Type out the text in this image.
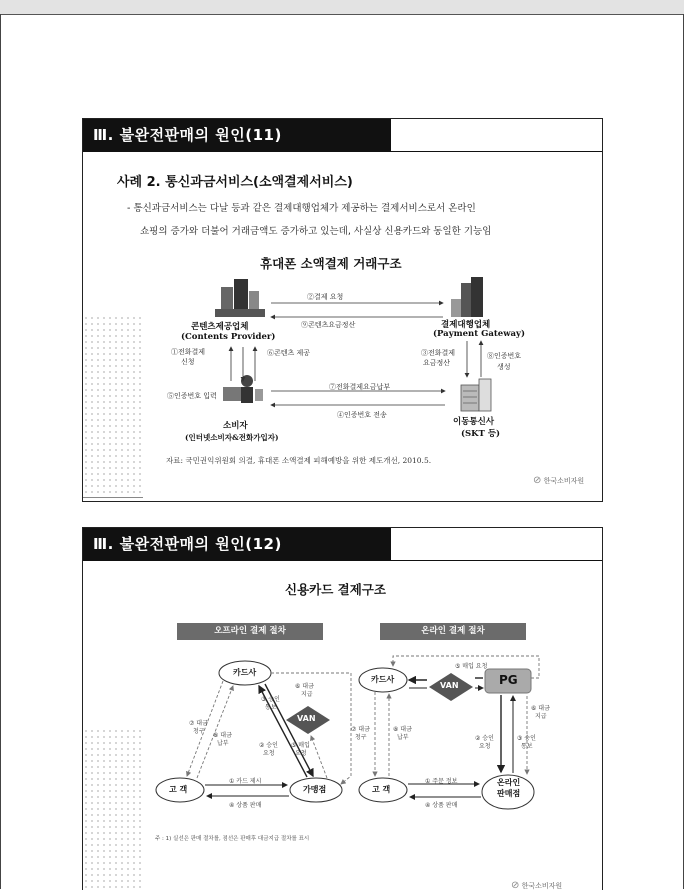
Ⅲ. 불완전판매의 원인(11)
사례 2. 통신과금서비스(소액결제서비스)
- 통신과금서비스는 다날 등과 같은 결제대행업체가 제공하는 결제서비스로서 온라인
쇼핑의 증가와 더불어 거래금액도 증가하고 있는데, 사실상 신용카드와 동일한 기능임
휴대폰 소액결제 거래구조
콘텐츠제공업체
(Contents Provider)
결제대행업체
(Payment Gateway)
소비자
(인터넷소비자&전화가입자)
이동통신사
(SKT 등)
②결제 요청
⑨콘텐츠요금정산
①전화결제
신청
⑥콘텐츠 제공	③전화결제
요금정산
⑧인증번호
생성
⑦전화결제요금납부
⑤인증번호 입력
④인증번호 전송
자료: 국민권익위원회 의결, 휴대폰 소액결제 피해예방을 위한 제도개선, 2010.5.
⊘ 한국소비자원
Ⅲ. 불완전판매의 원인(12)
신용카드 결제구조
오프라인 결제 절차	온라인 결제 절차
카드사
고 객	가맹점
VAN
① 카드 제시
④ 상품 판매
② 승인
요청
③ 승인
통보
⑤ 매입
요청
⑥ 대금
지급
⑦ 대금
청구
⑧ 대금
납부
카드사
고 객
온라인
판매점
VAN	PG
① 주문 정보
④ 상품 판매
② 승인
요청
③ 승인
통보
⑤ 매입 요청
⑥ 대금
지급
⑦ 대금
청구
⑧ 대금
납부
주 : 1) 실선은 판매 절차를, 점선은 판매후 대금지급 절차를 표시
⊘ 한국소비자원
